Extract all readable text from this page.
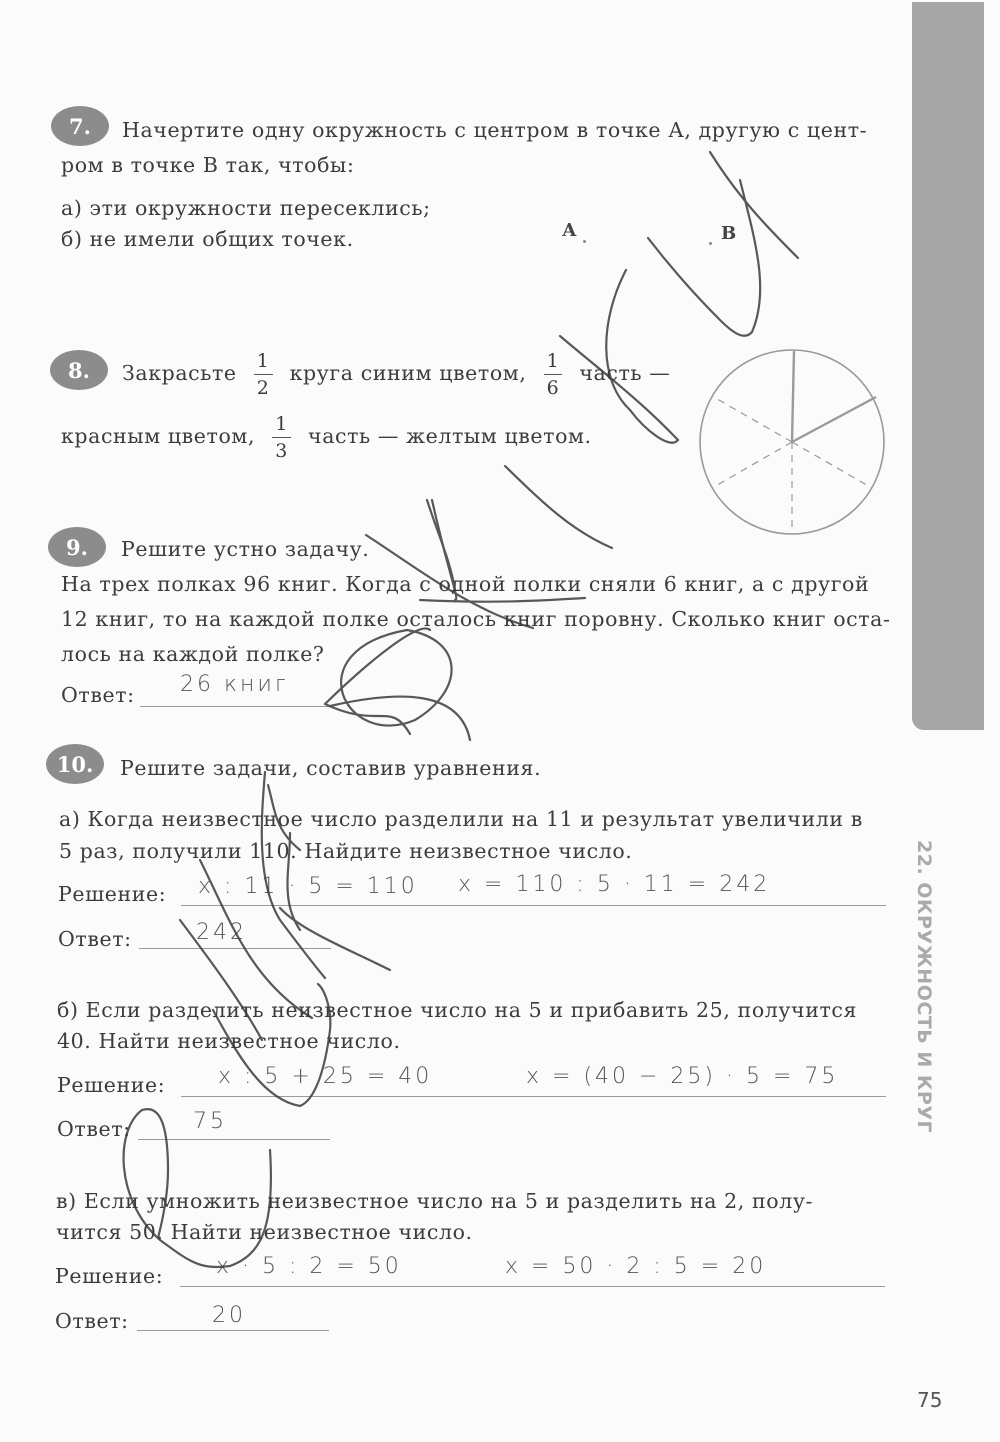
22. ОКРУЖНОСТЬ И КРУГ
7.	Начертите одну окружность с центром в точке А, другую с цент-
ром в точке В так, чтобы:
а) эти окружности пересеклись;
б) не имели общих точек.	А	В
8.	Закрасьте $\frac{1}{2}$ круга синим цветом, $\frac{1}{6}$ часть —
красным цветом, $\frac{1}{3}$ часть — желтым цветом.
9.	Решите устно задачу.
На трех полках 96 книг. Когда с одной полки сняли 6 книг, а с другой
12 книг, то на каждой полке осталось книг поровну. Сколько книг оста-
лось на каждой полке?
Ответ: 26 книг
10.	Решите задачи, составив уравнения.
а) Когда неизвестное число разделили на 11 и результат увеличили в
5 раз, получили 110. Найдите неизвестное число.
Решение: x : 11 · 5 = 110 x = 110 : 5 · 11 = 242
Ответ:	242
б) Если разделить неизвестное число на 5 и прибавить 25, получится
40. Найти неизвестное число.
Решение: x : 5 + 25 = 40	x = (40 − 25) · 5 = 75
Ответ:	75
в) Если умножить неизвестное число на 5 и разделить на 2, полу-
чится 50. Найти неизвестное число.
Решение: x · 5 : 2 = 50	x = 50 · 2 : 5 = 20
Ответ:	20
75
